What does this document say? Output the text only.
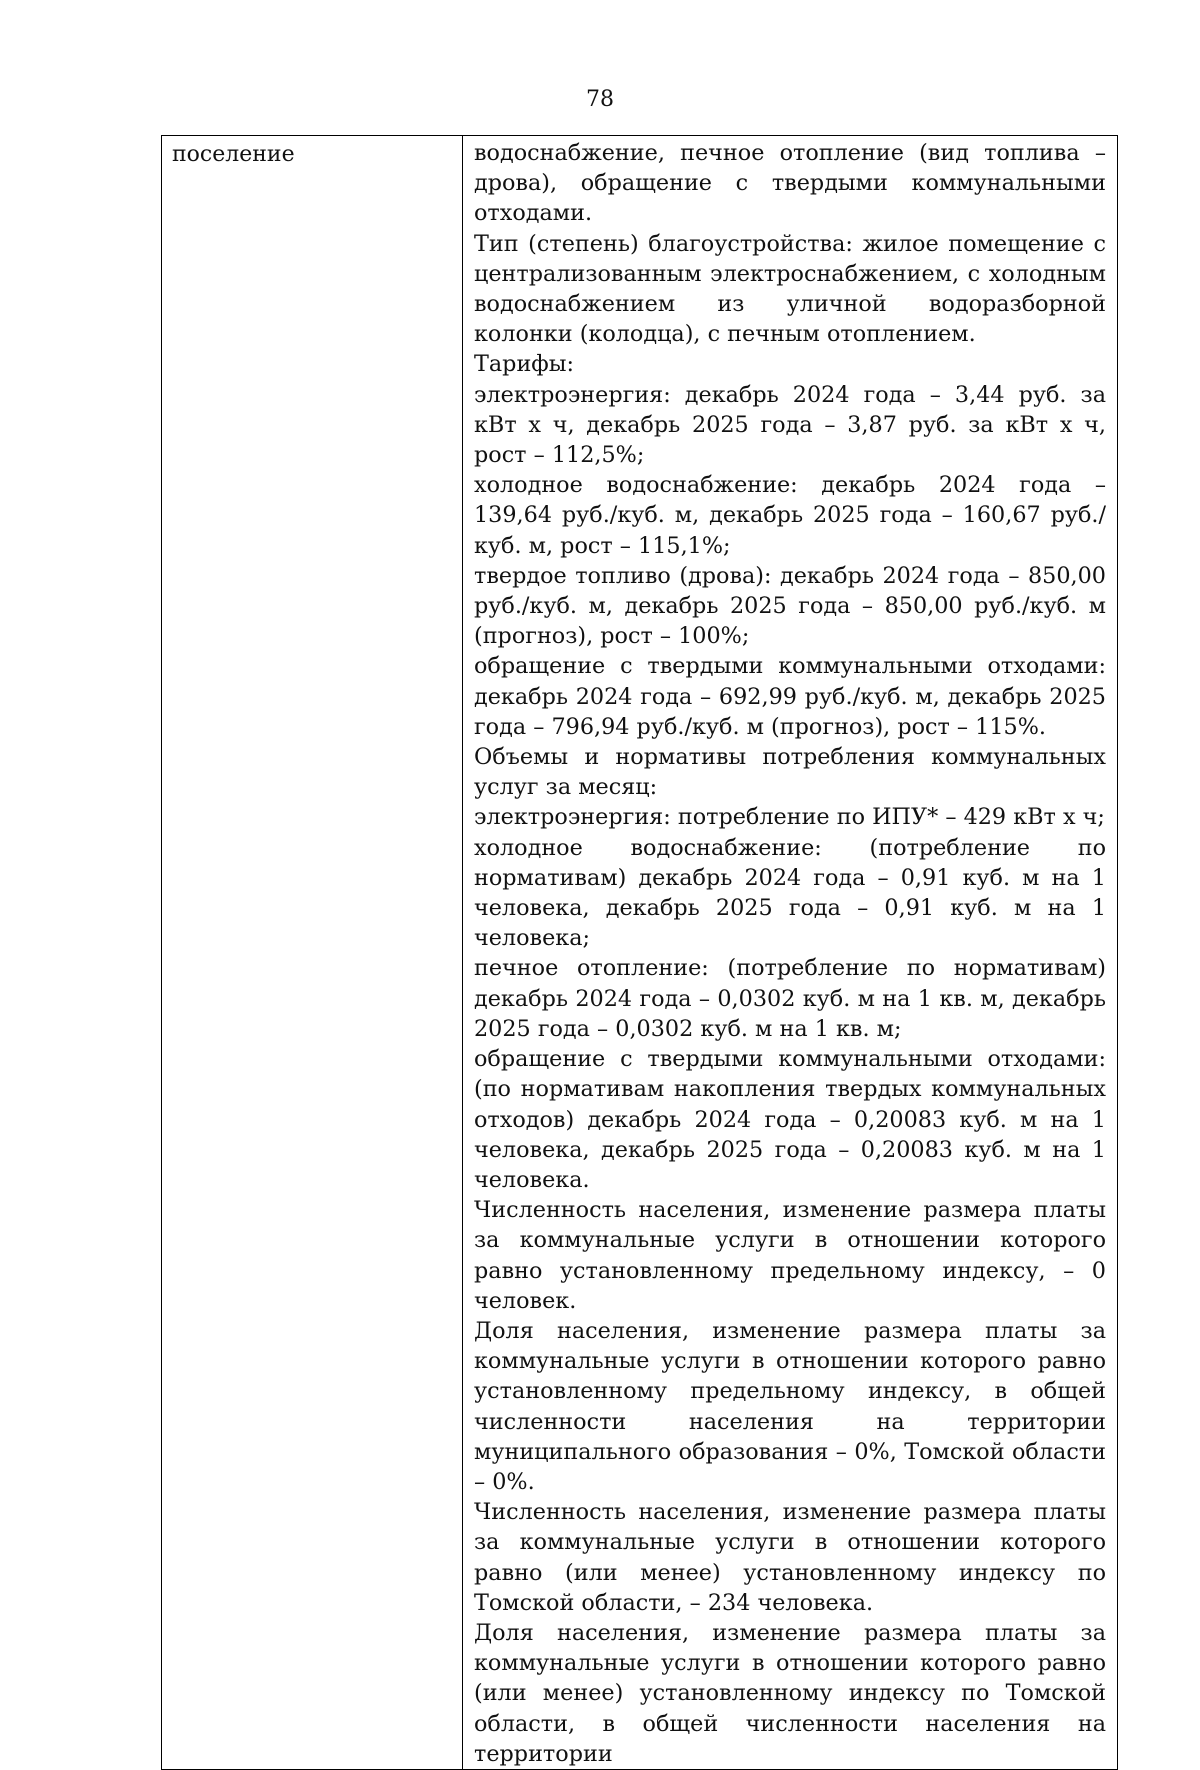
78
поселение	водоснабжение, печное отопление (вид топлива – дрова), обращение с твердыми коммунальными отходами.

Тип (степень) благоустройства: жилое помещение с централизованным электроснабжением, с холодным водоснабжением из уличной водоразборной колонки (колодца), с печным отоплением.

Тарифы:

электроэнергия: декабрь 2024 года – 3,44 руб. за кВт х ч, декабрь 2025 года – 3,87 руб. за кВт х ч, рост – 112,5%;

холодное водоснабжение: декабрь 2024 года – 139,64 руб./куб. м, декабрь 2025 года – 160,67 руб./куб. м, рост – 115,1%;

твердое топливо (дрова): декабрь 2024 года – 850,00 руб./куб. м, декабрь 2025 года – 850,00 руб./куб. м (прогноз), рост – 100%;

обращение с твердыми коммунальными отходами: декабрь 2024 года – 692,99 руб./куб. м, декабрь 2025 года – 796,94 руб./куб. м (прогноз), рост – 115%.

Объемы и нормативы потребления коммунальных услуг за месяц:

электроэнергия: потребление по ИПУ* – 429 кВт х ч;

холодное водоснабжение: (потребление по нормативам) декабрь 2024 года – 0,91 куб. м на 1 человека, декабрь 2025 года – 0,91 куб. м на 1 человека;

печное отопление: (потребление по нормативам) декабрь 2024 года – 0,0302 куб. м на 1 кв. м, декабрь 2025 года – 0,0302 куб. м на 1 кв. м;

обращение с твердыми коммунальными отходами: (по нормативам накопления твердых коммунальных отходов) декабрь 2024 года – 0,20083 куб. м на 1 человека, декабрь 2025 года – 0,20083 куб. м на 1 человека.

Численность населения, изменение размера платы за коммунальные услуги в отношении которого равно установленному предельному индексу, – 0 человек.

Доля населения, изменение размера платы за коммунальные услуги в отношении которого равно установленному предельному индексу, в общей численности населения на территории муниципального образования – 0%, Томской области – 0%.

Численность населения, изменение размера платы за коммунальные услуги в отношении которого равно (или менее) установленному индексу по Томской области, – 234 человека.

Доля населения, изменение размера платы за коммунальные услуги в отношении которого равно (или менее) установленному индексу по Томской области, в общей численности населения на территории
